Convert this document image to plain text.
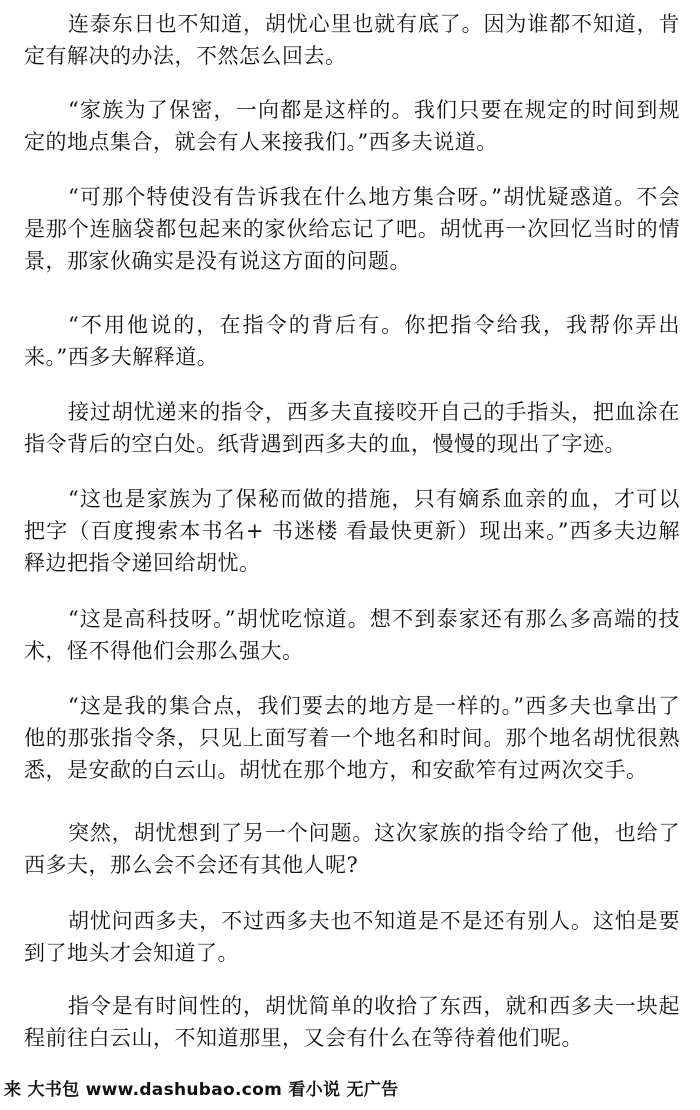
连泰东日也不知道，胡忧心里也就有底了。因为谁都不知道，肯定有解决的办法，不然怎么回去。

“家族为了保密，一向都是这样的。我们只要在规定的时间到规定的地点集合，就会有人来接我们。”西多夫说道。

“可那个特使没有告诉我在什么地方集合呀。”胡忧疑惑道。不会是那个连脑袋都包起来的家伙给忘记了吧。胡忧再一次回忆当时的情景，那家伙确实是没有说这方面的问题。

“不用他说的，在指令的背后有。你把指令给我，我帮你弄出来。”西多夫解释道。

接过胡忧递来的指令，西多夫直接咬开自己的手指头，把血涂在指令背后的空白处。纸背遇到西多夫的血，慢慢的现出了字迹。

“这也是家族为了保秘而做的措施，只有嫡系血亲的血，才可以把字（百度搜索本书名+ 书迷楼 看最快更新）现出来。”西多夫边解释边把指令递回给胡忧。

“这是高科技呀。”胡忧吃惊道。想不到泰家还有那么多高端的技术，怪不得他们会那么强大。

“这是我的集合点，我们要去的地方是一样的。”西多夫也拿出了他的那张指令条，只见上面写着一个地名和时间。那个地名胡忧很熟悉，是安歃的白云山。胡忧在那个地方，和安歃笮有过两次交手。

突然，胡忧想到了另一个问题。这次家族的指令给了他，也给了西多夫，那么会不会还有其他人呢?

胡忧问西多夫，不过西多夫也不知道是不是还有别人。这怕是要到了地头才会知道了。

指令是有时间性的，胡忧简单的收拾了东西，就和西多夫一块起程前往白云山，不知道那里，又会有什么在等待着他们呢。

来 大书包 www.dashubao.com 看小说 无广告
